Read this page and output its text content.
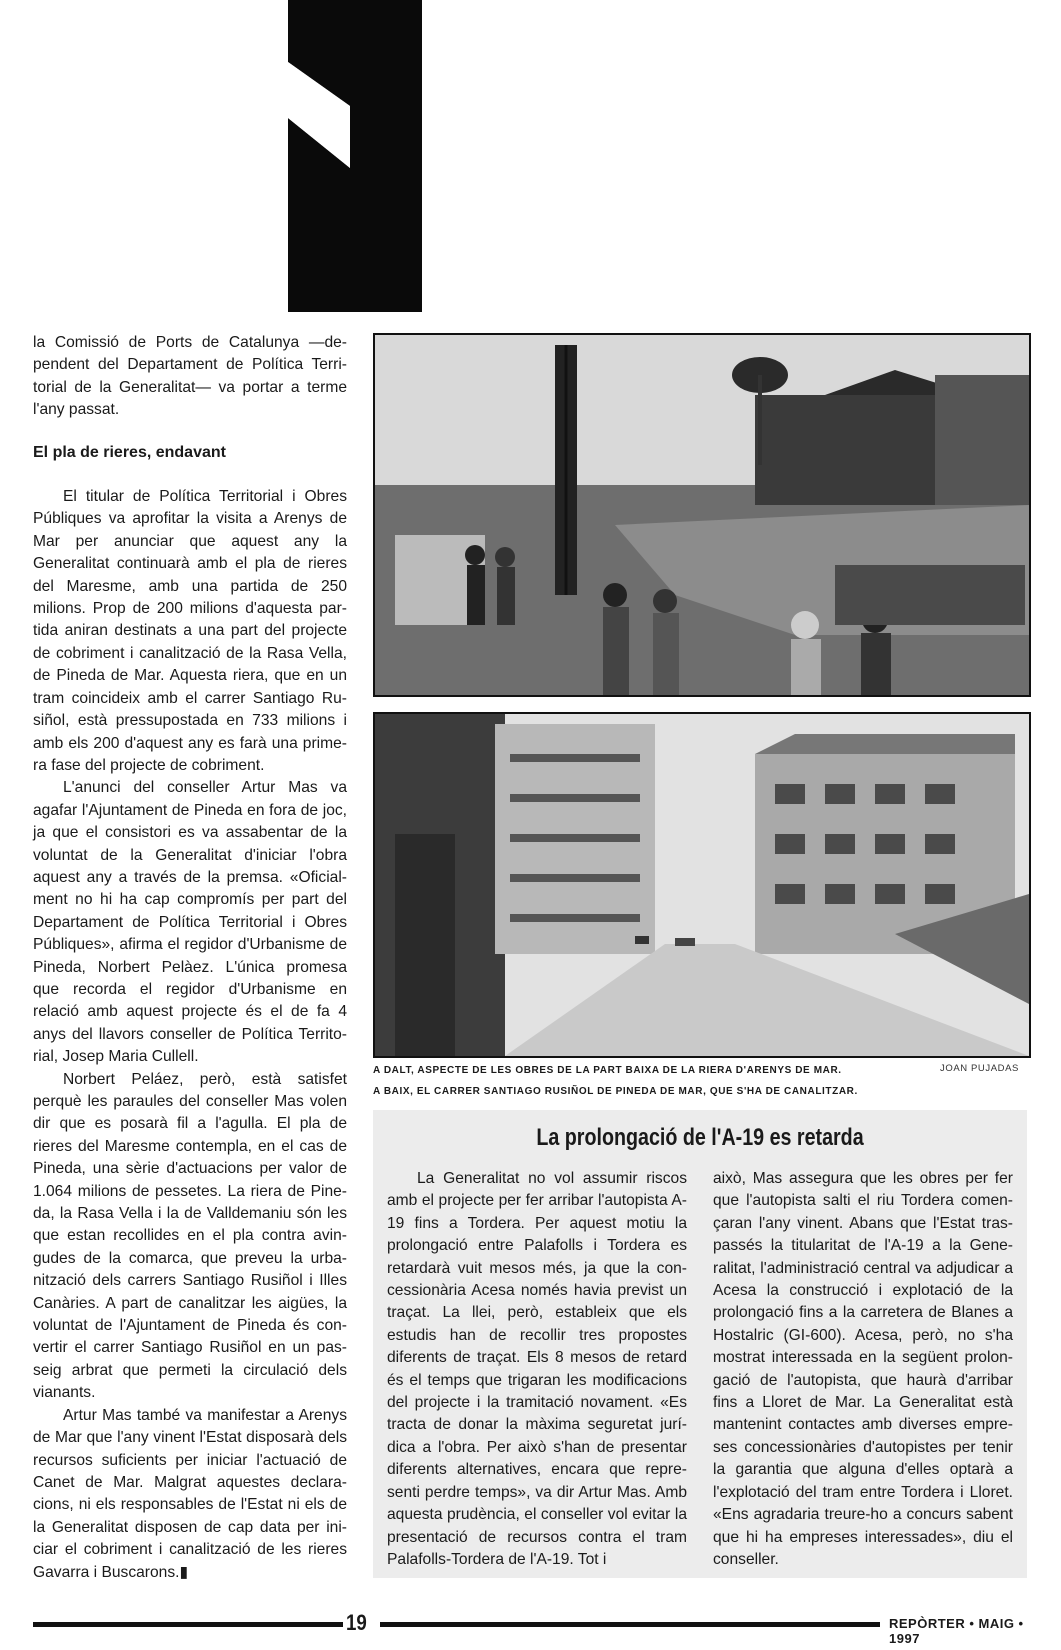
la Comissió de Ports de Catalunya —dependent del Departament de Política Territorial de la Generalitat— va portar a terme l'any passat.

El pla de rieres, endavant

El titular de Política Territorial i Obres Públiques va aprofitar la visita a Arenys de Mar per anunciar que aquest any la Generalitat continuarà amb el pla de rieres del Maresme, amb una partida de 250 milions. Prop de 200 milions d'aquesta partida aniran destinats a una part del projecte de cobriment i canalització de la Rasa Vella, de Pineda de Mar. Aquesta riera, que en un tram coincideix amb el carrer Santiago Rusiñol, està pressupostada en 733 milions i amb els 200 d'aquest any es farà una primera fase del projecte de cobriment.

L'anunci del conseller Artur Mas va agafar l'Ajuntament de Pineda en fora de joc, ja que el consistori es va assabentar de la voluntat de la Generalitat d'iniciar l'obra aquest any a través de la premsa. «Oficialment no hi ha cap compromís per part del Departament de Política Territorial i Obres Públiques», afirma el regidor d'Urbanisme de Pineda, Norbert Pelàez. L'única promesa que recorda el regidor d'Urbanisme en relació amb aquest projecte és el de fa 4 anys del llavors conseller de Política Territorial, Josep Maria Cullell.

Norbert Peláez, però, està satisfet perquè les paraules del conseller Mas volen dir que es posarà fil a l'agulla. El pla de rieres del Maresme contempla, en el cas de Pineda, una sèrie d'actuacions per valor de 1.064 milions de pessetes. La riera de Pineda, la Rasa Vella i la de Valldemaniu són les que estan recollides en el pla contra avingudes de la comarca, que preveu la urbanització dels carrers Santiago Rusiñol i Illes Canàries. A part de canalitzar les aigües, la voluntat de l'Ajuntament de Pineda és convertir el carrer Santiago Rusiñol en un passeig arbrat que permeti la circulació dels vianants.

Artur Mas també va manifestar a Arenys de Mar que l'any vinent l'Estat disposarà dels recursos suficients per iniciar l'actuació de Canet de Mar. Malgrat aquestes declaracions, ni els responsables de l'Estat ni els de la Generalitat disposen de cap data per iniciar el cobriment i canalització de les rieres Gavarra i Buscarons.▮

A DALT, ASPECTE DE LES OBRES DE LA PART BAIXA DE LA RIERA D'ARENYS DE MAR.	JOAN PUJADAS
A BAIX, EL CARRER SANTIAGO RUSIÑOL DE PINEDA DE MAR, QUE S'HA DE CANALITZAR.
La prolongació de l'A-19 es retarda

La Generalitat no vol assumir riscos amb el projecte per fer arribar l'autopista A-19 fins a Tordera. Per aquest motiu la prolongació entre Palafolls i Tordera es retardarà vuit mesos més, ja que la concessionària Acesa només havia previst un traçat. La llei, però, estableix que els estudis han de recollir tres propostes diferents de traçat. Els 8 mesos de retard és el temps que trigaran les modificacions del projecte i la tramitació novament. «Es tracta de donar la màxima seguretat jurídica a l'obra. Per això s'han de presentar diferents alternatives, encara que representi perdre temps», va dir Artur Mas. Amb aquesta prudència, el conseller vol evitar la presentació de recursos contra el tram Palafolls-Tordera de l'A-19. Tot i

això, Mas assegura que les obres per fer que l'autopista salti el riu Tordera començaran l'any vinent. Abans que l'Estat traspassés la titularitat de l'A-19 a la Generalitat, l'administració central va adjudicar a Acesa la construcció i explotació de la prolongació fins a la carretera de Blanes a Hostalric (GI-600). Acesa, però, no s'ha mostrat interessada en la següent prolongació de l'autopista, que haurà d'arribar fins a Lloret de Mar. La Generalitat està mantenint contactes amb diverses empreses concessionàries d'autopistes per tenir la garantia que alguna d'elles optarà a l'explotació del tram entre Tordera i Lloret. «Ens agradaria treure-ho a concurs sabent que hi ha empreses interessades», diu el conseller.

19	REPÒRTER • MAIG • 1997
